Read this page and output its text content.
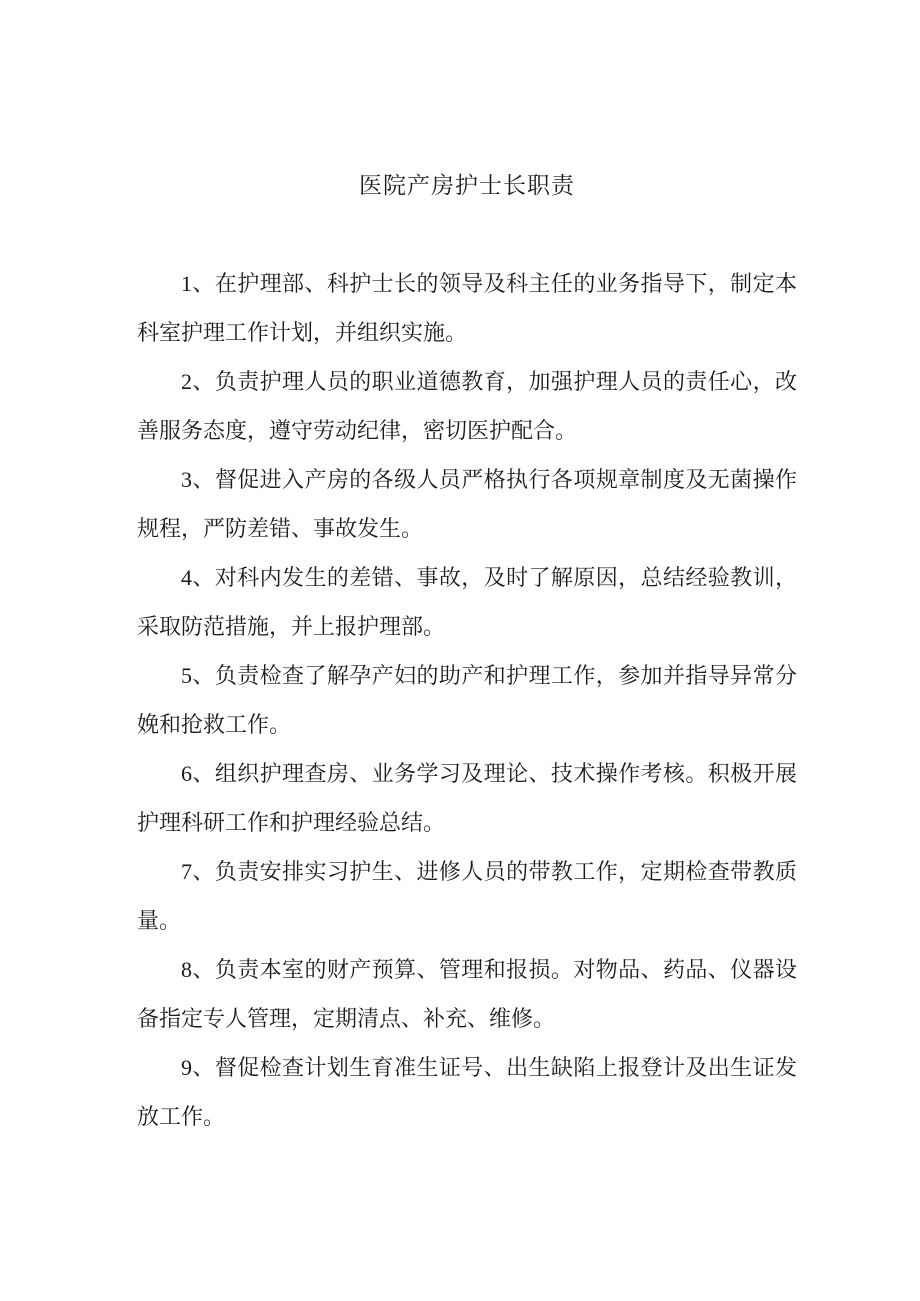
医院产房护士长职责

1、在护理部、科护士长的领导及科主任的业务指导下，制定本科室护理工作计划，并组织实施。

2、负责护理人员的职业道德教育，加强护理人员的责任心，改善服务态度，遵守劳动纪律，密切医护配合。

3、督促进入产房的各级人员严格执行各项规章制度及无菌操作规程，严防差错、事故发生。

4、对科内发生的差错、事故，及时了解原因，总结经验教训，采取防范措施，并上报护理部。

5、负责检查了解孕产妇的助产和护理工作，参加并指导异常分娩和抢救工作。

6、组织护理查房、业务学习及理论、技术操作考核。积极开展护理科研工作和护理经验总结。

7、负责安排实习护生、进修人员的带教工作，定期检查带教质量。

8、负责本室的财产预算、管理和报损。对物品、药品、仪器设备指定专人管理，定期清点、补充、维修。

9、督促检查计划生育准生证号、出生缺陷上报登计及出生证发放工作。
